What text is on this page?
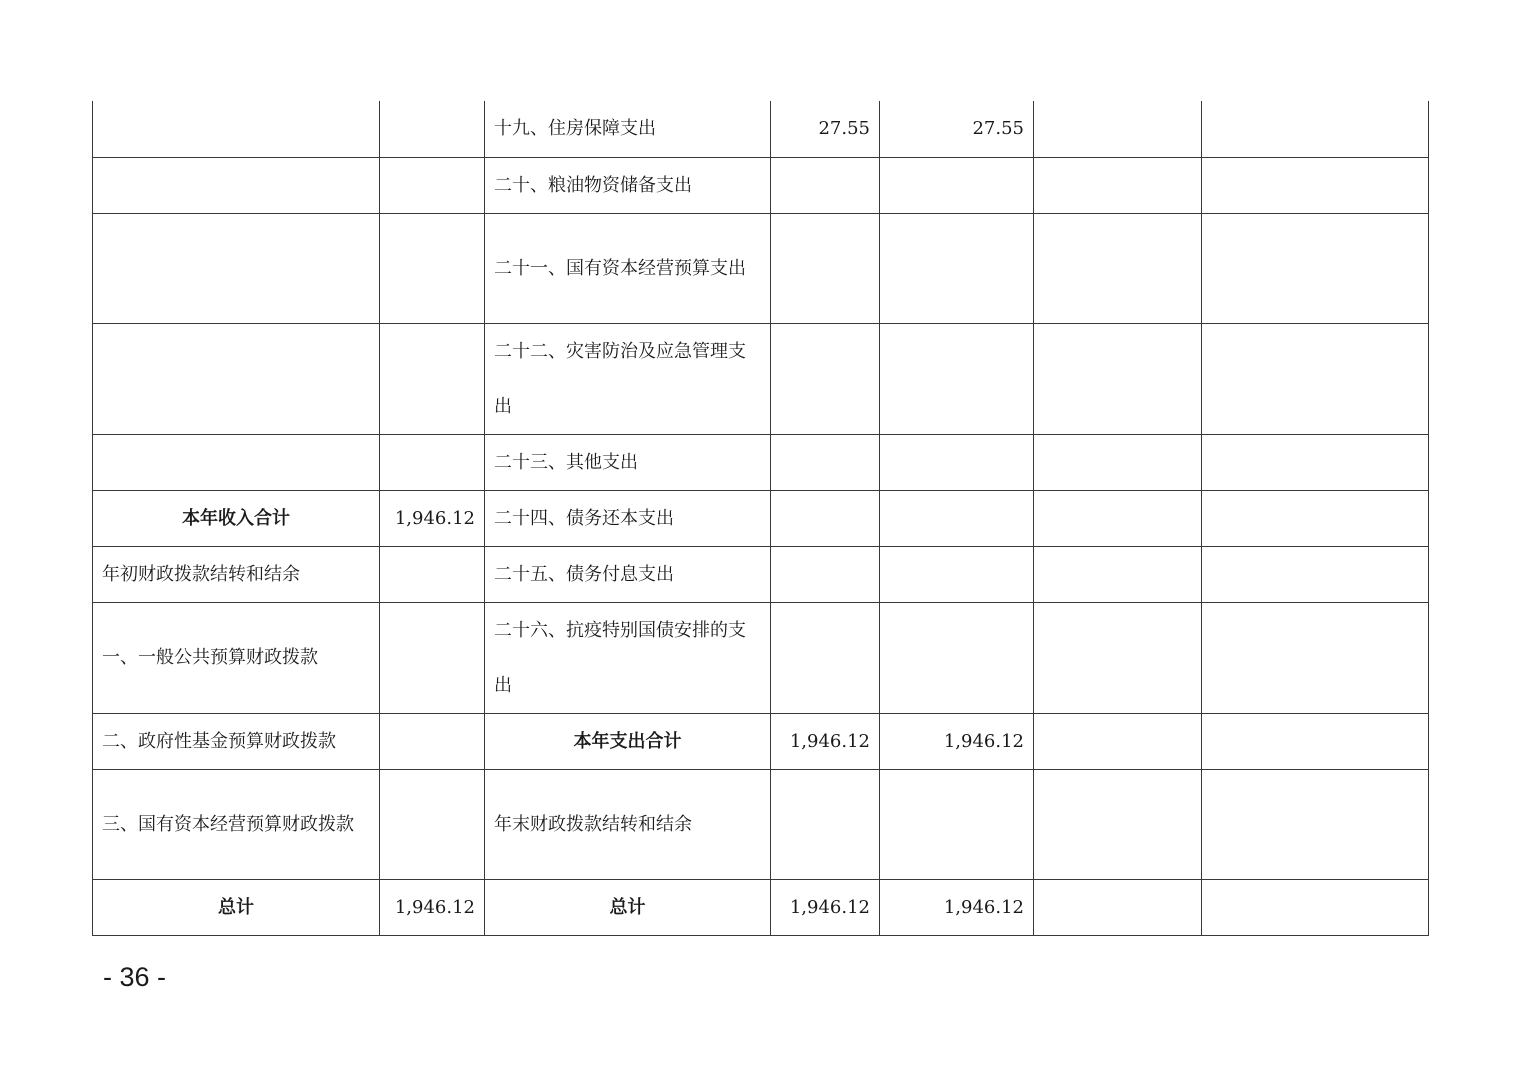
		十九、住房保障支出	27.55	27.55		
		二十、粮油物资储备支出				
		二十一、国有资本经营预算支出				
		二十二、灾害防治及应急管理支出				
		二十三、其他支出				
本年收入合计	1,946.12	二十四、债务还本支出				
年初财政拨款结转和结余		二十五、债务付息支出				
一、一般公共预算财政拨款		二十六、抗疫特别国债安排的支出				
二、政府性基金预算财政拨款		本年支出合计	1,946.12	1,946.12		
三、国有资本经营预算财政拨款		年末财政拨款结转和结余				
总计	1,946.12	总计	1,946.12	1,946.12		
- 36 -
